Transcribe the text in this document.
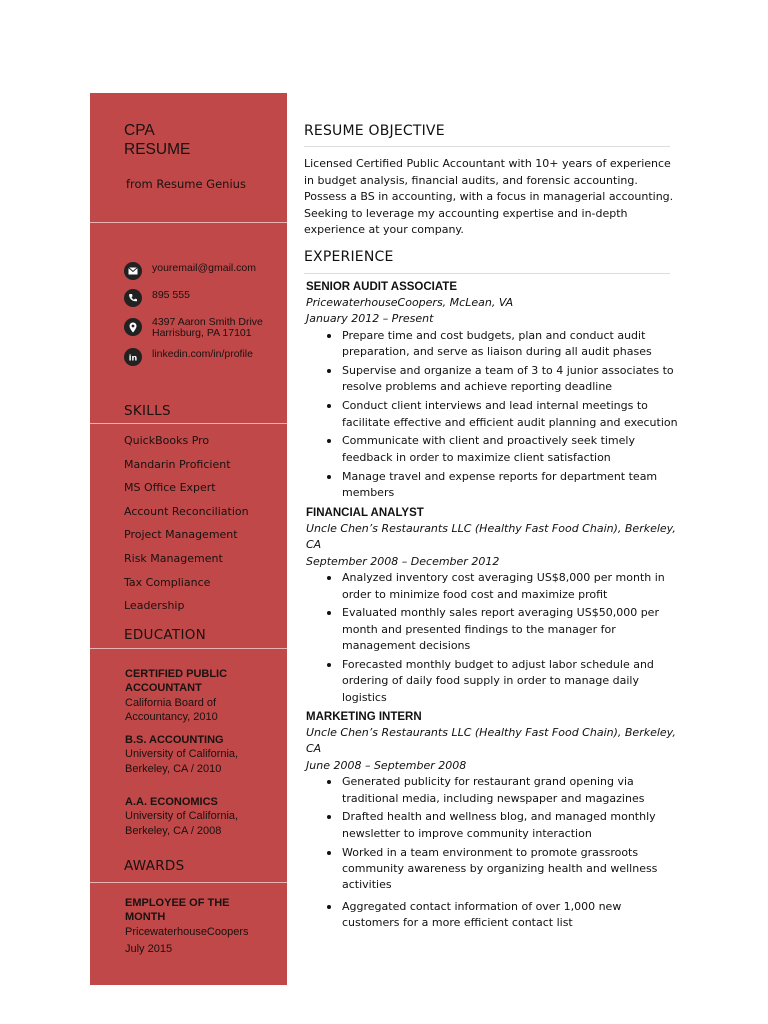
CPA
RESUME
from Resume Genius
youremail@gmail.com
895 555
4397 Aaron Smith Drive Harrisburg, PA 17101
in linkedin.com/in/profile
SKILLS
QuickBooks Pro
Mandarin Proficient
MS Office Expert
Account Reconciliation
Project Management
Risk Management
Tax Compliance
Leadership
EDUCATION
CERTIFIED PUBLIC ACCOUNTANT
California Board of Accountancy, 2010
B.S. ACCOUNTING
University of California, Berkeley, CA / 2010
A.A. ECONOMICS
University of California, Berkeley, CA / 2008
AWARDS
EMPLOYEE OF THE MONTH
PricewaterhouseCoopers
July 2015
RESUME OBJECTIVE
Licensed Certified Public Accountant with 10+ years of experience in budget analysis, financial audits, and forensic accounting. Possess a BS in accounting, with a focus in managerial accounting. Seeking to leverage my accounting expertise and in-depth experience at your company.
EXPERIENCE
SENIOR AUDIT ASSOCIATE
PricewaterhouseCoopers, McLean, VA
January 2012 – Present
Prepare time and cost budgets, plan and conduct audit preparation, and serve as liaison during all audit phases
Supervise and organize a team of 3 to 4 junior associates to resolve problems and achieve reporting deadline
Conduct client interviews and lead internal meetings to facilitate effective and efficient audit planning and execution
Communicate with client and proactively seek timely feedback in order to maximize client satisfaction
Manage travel and expense reports for department team members
FINANCIAL ANALYST
Uncle Chen’s Restaurants LLC (Healthy Fast Food Chain), Berkeley, CA
September 2008 – December 2012
Analyzed inventory cost averaging US$8,000 per month in order to minimize food cost and maximize profit
Evaluated monthly sales report averaging US$50,000 per month and presented findings to the manager for management decisions
Forecasted monthly budget to adjust labor schedule and ordering of daily food supply in order to manage daily logistics
MARKETING INTERN
Uncle Chen’s Restaurants LLC (Healthy Fast Food Chain), Berkeley, CA
June 2008 – September 2008
Generated publicity for restaurant grand opening via traditional media, including newspaper and magazines
Drafted health and wellness blog, and managed monthly newsletter to improve community interaction
Worked in a team environment to promote grassroots community awareness by organizing health and wellness activities
Aggregated contact information of over 1,000 new customers for a more efficient contact list
